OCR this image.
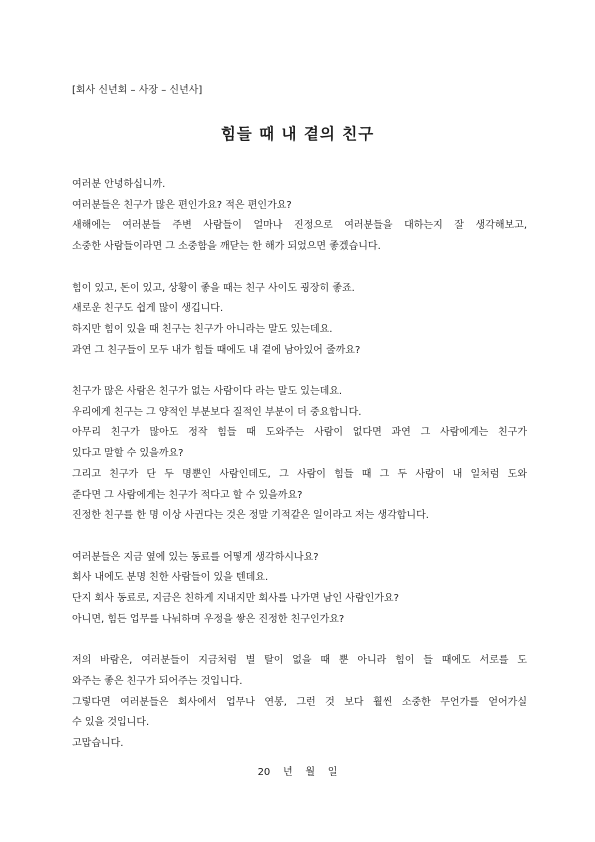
[회사 신년회 – 사장 – 신년사]
힘들 때 내 곁의 친구
여러분 안녕하십니까.
여러분들은 친구가 많은 편인가요? 적은 편인가요?
새해에는 여러분들 주변 사람들이 얼마나 진정으로 여러분들을 대하는지 잘 생각해보고,
소중한 사람들이라면 그 소중함을 깨닫는 한 해가 되었으면 좋겠습니다.
힘이 있고, 돈이 있고, 상황이 좋을 때는 친구 사이도 굉장히 좋죠.
새로운 친구도 쉽게 많이 생깁니다.
하지만 힘이 있을 때 친구는 친구가 아니라는 말도 있는데요.
과연 그 친구들이 모두 내가 힘들 때에도 내 곁에 남아있어 줄까요?
친구가 많은 사람은 친구가 없는 사람이다 라는 말도 있는데요.
우리에게 친구는 그 양적인 부분보다 질적인 부분이 더 중요합니다.
아무리 친구가 많아도 정작 힘들 때 도와주는 사람이 없다면 과연 그 사람에게는 친구가
있다고 말할 수 있을까요?
그리고 친구가 단 두 명뿐인 사람인데도, 그 사람이 힘들 때 그 두 사람이 내 일처럼 도와
준다면 그 사람에게는 친구가 적다고 할 수 있을까요?
진정한 친구를 한 명 이상 사귄다는 것은 정말 기적같은 일이라고 저는 생각합니다.
여러분들은 지금 옆에 있는 동료를 어떻게 생각하시나요?
회사 내에도 분명 친한 사람들이 있을 텐데요.
단지 회사 동료로, 지금은 친하게 지내지만 회사를 나가면 남인 사람인가요?
아니면, 힘든 업무를 나눠하며 우정을 쌓은 진정한 친구인가요?
저의 바람은, 여러분들이 지금처럼 별 탈이 없을 때 뿐 아니라 힘이 들 때에도 서로를 도
와주는 좋은 친구가 되어주는 것입니다.
그렇다면 여러분들은 회사에서 업무나 연봉, 그런 것 보다 훨씬 소중한 무언가를 얻어가실
수 있을 것입니다.
고맙습니다.
20    년    월    일
